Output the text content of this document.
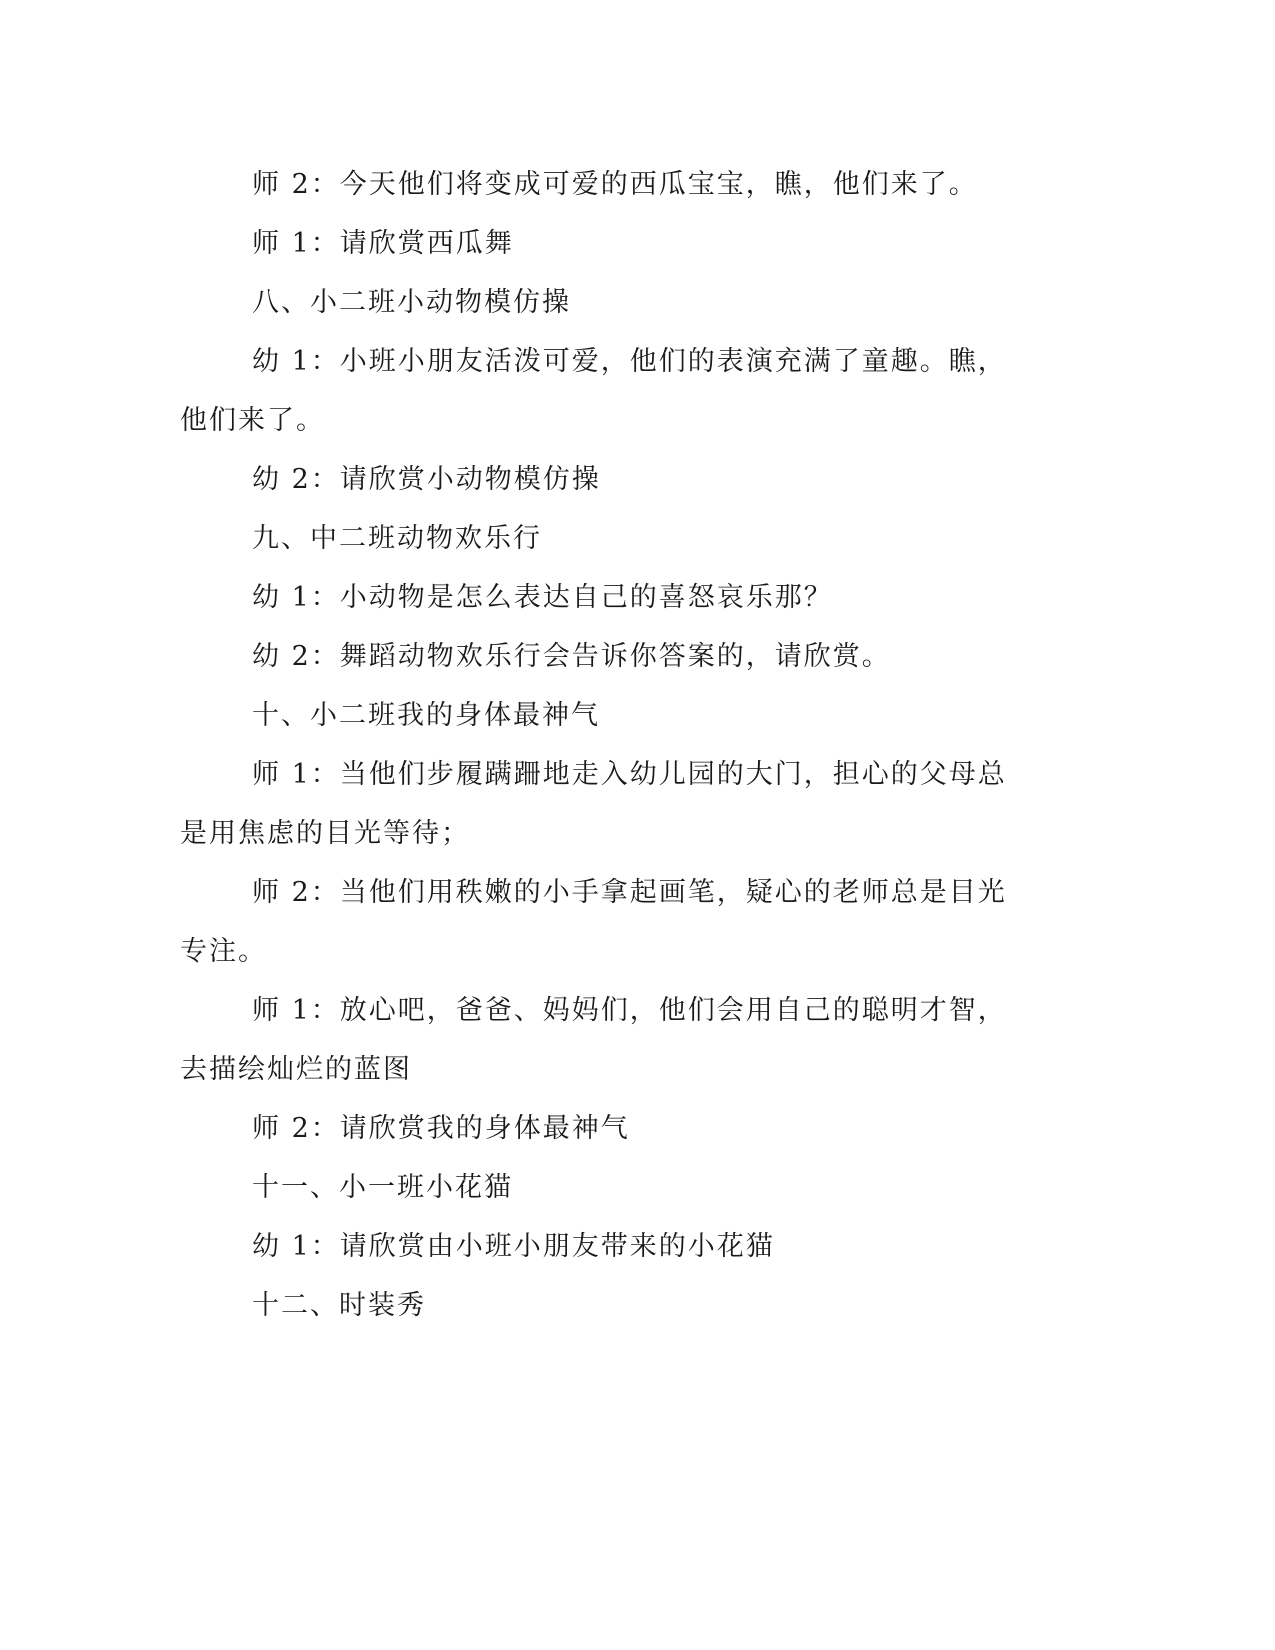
师 2：今天他们将变成可爱的西瓜宝宝，瞧，他们来了。

师 1：请欣赏西瓜舞

八、小二班小动物模仿操

幼 1：小班小朋友活泼可爱，他们的表演充满了童趣。瞧，他们来了。

幼 2：请欣赏小动物模仿操

九、中二班动物欢乐行

幼 1：小动物是怎么表达自己的喜怒哀乐那？

幼 2：舞蹈动物欢乐行会告诉你答案的，请欣赏。

十、小二班我的身体最神气

师 1：当他们步履蹒跚地走入幼儿园的大门，担心的父母总是用焦虑的目光等待；

师 2：当他们用秩嫩的小手拿起画笔，疑心的老师总是目光专注。

师 1：放心吧，爸爸、妈妈们，他们会用自己的聪明才智，去描绘灿烂的蓝图

师 2：请欣赏我的身体最神气

十一、小一班小花猫

幼 1：请欣赏由小班小朋友带来的小花猫

十二、时装秀
